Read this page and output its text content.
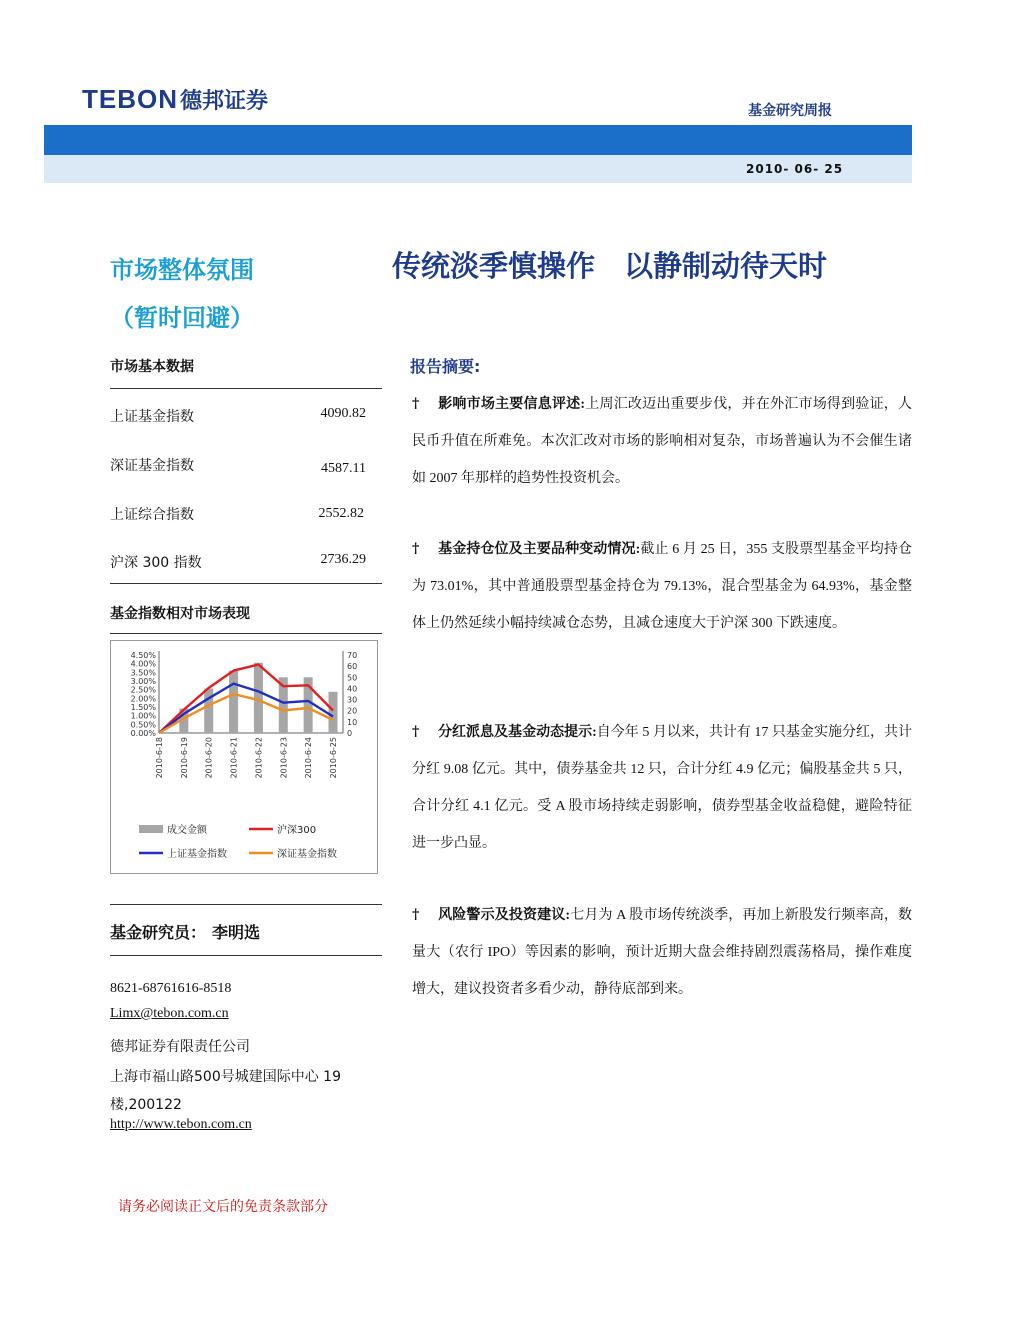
TEBON德邦证券	基金研究周报
2010- 06- 25
市场整体氛围
（暂时回避）
传统淡季慎操作　以静制动待天时
市场基本数据
上证基金指数	4090.82
深证基金指数	4587.11
上证综合指数	2552.82
沪深 300 指数	2736.29
基金指数相对市场表现
0.00%
0.50%
1.00%
1.50%
2.00%
2.50%
3.00%
3.50%
4.00%
4.50%
0
10
20
30
40
50
60
70
2010-6-18 2010-6-19 2010-6-20 2010-6-21 2010-6-22 2010-6-23 2010-6-24 2010-6-25
成交金额	沪深300
上证基金指数	深证基金指数
基金研究员： 李明选
8621-68761616-8518
Limx@tebon.com.cn
德邦证券有限责任公司
上海市福山路500号城建国际中心 19
楼,200122
http://www.tebon.com.cn
请务必阅读正文后的免责条款部分
报告摘要:
† 影响市场主要信息评述:上周汇改迈出重要步伐，并在外汇市场得到验证，人民币升值在所难免。本次汇改对市场的影响相对复杂，市场普遍认为不会催生诸如 2007 年那样的趋势性投资机会。
† 基金持仓位及主要品种变动情况:截止 6 月 25 日，355 支股票型基金平均持仓为 73.01%，其中普通股票型基金持仓为 79.13%，混合型基金为 64.93%，基金整体上仍然延续小幅持续减仓态势，且减仓速度大于沪深 300 下跌速度。
† 分红派息及基金动态提示:自今年 5 月以来，共计有 17 只基金实施分红，共计分红 9.08 亿元。其中，债券基金共 12 只，合计分红 4.9 亿元；偏股基金共 5 只，合计分红 4.1 亿元。受 A 股市场持续走弱影响，债券型基金收益稳健，避险特征进一步凸显。
† 风险警示及投资建议:七月为 A 股市场传统淡季，再加上新股发行频率高，数量大（农行 IPO）等因素的影响，预计近期大盘会维持剧烈震荡格局，操作难度增大，建议投资者多看少动，静待底部到来。
